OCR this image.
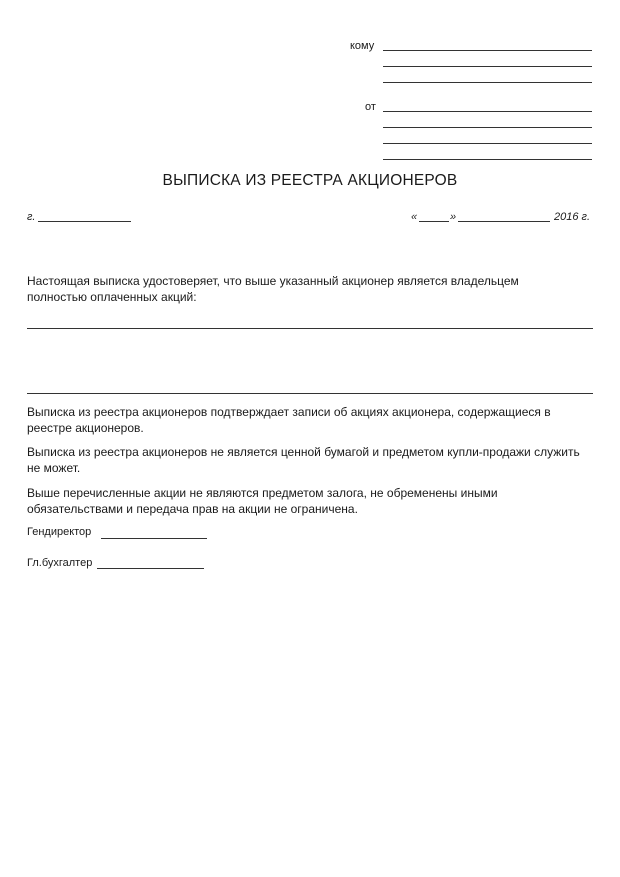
кому
от
ВЫПИСКА ИЗ РЕЕСТРА АКЦИОНЕРОВ
г.	«	»	2016 г.
Настоящая выписка удостоверяет, что выше указанный акционер является владельцем полностью оплаченных акций:
Выписка из реестра акционеров подтверждает записи об акциях акционера, содержащиеся в реестре акционеров.
Выписка из реестра акционеров не является ценной бумагой и предметом купли-продажи служить не может.
Выше перечисленные акции не являются предметом залога, не обременены иными обязательствами и передача прав на акции не ограничена.
Гендиректор
Гл.бухгалтер
